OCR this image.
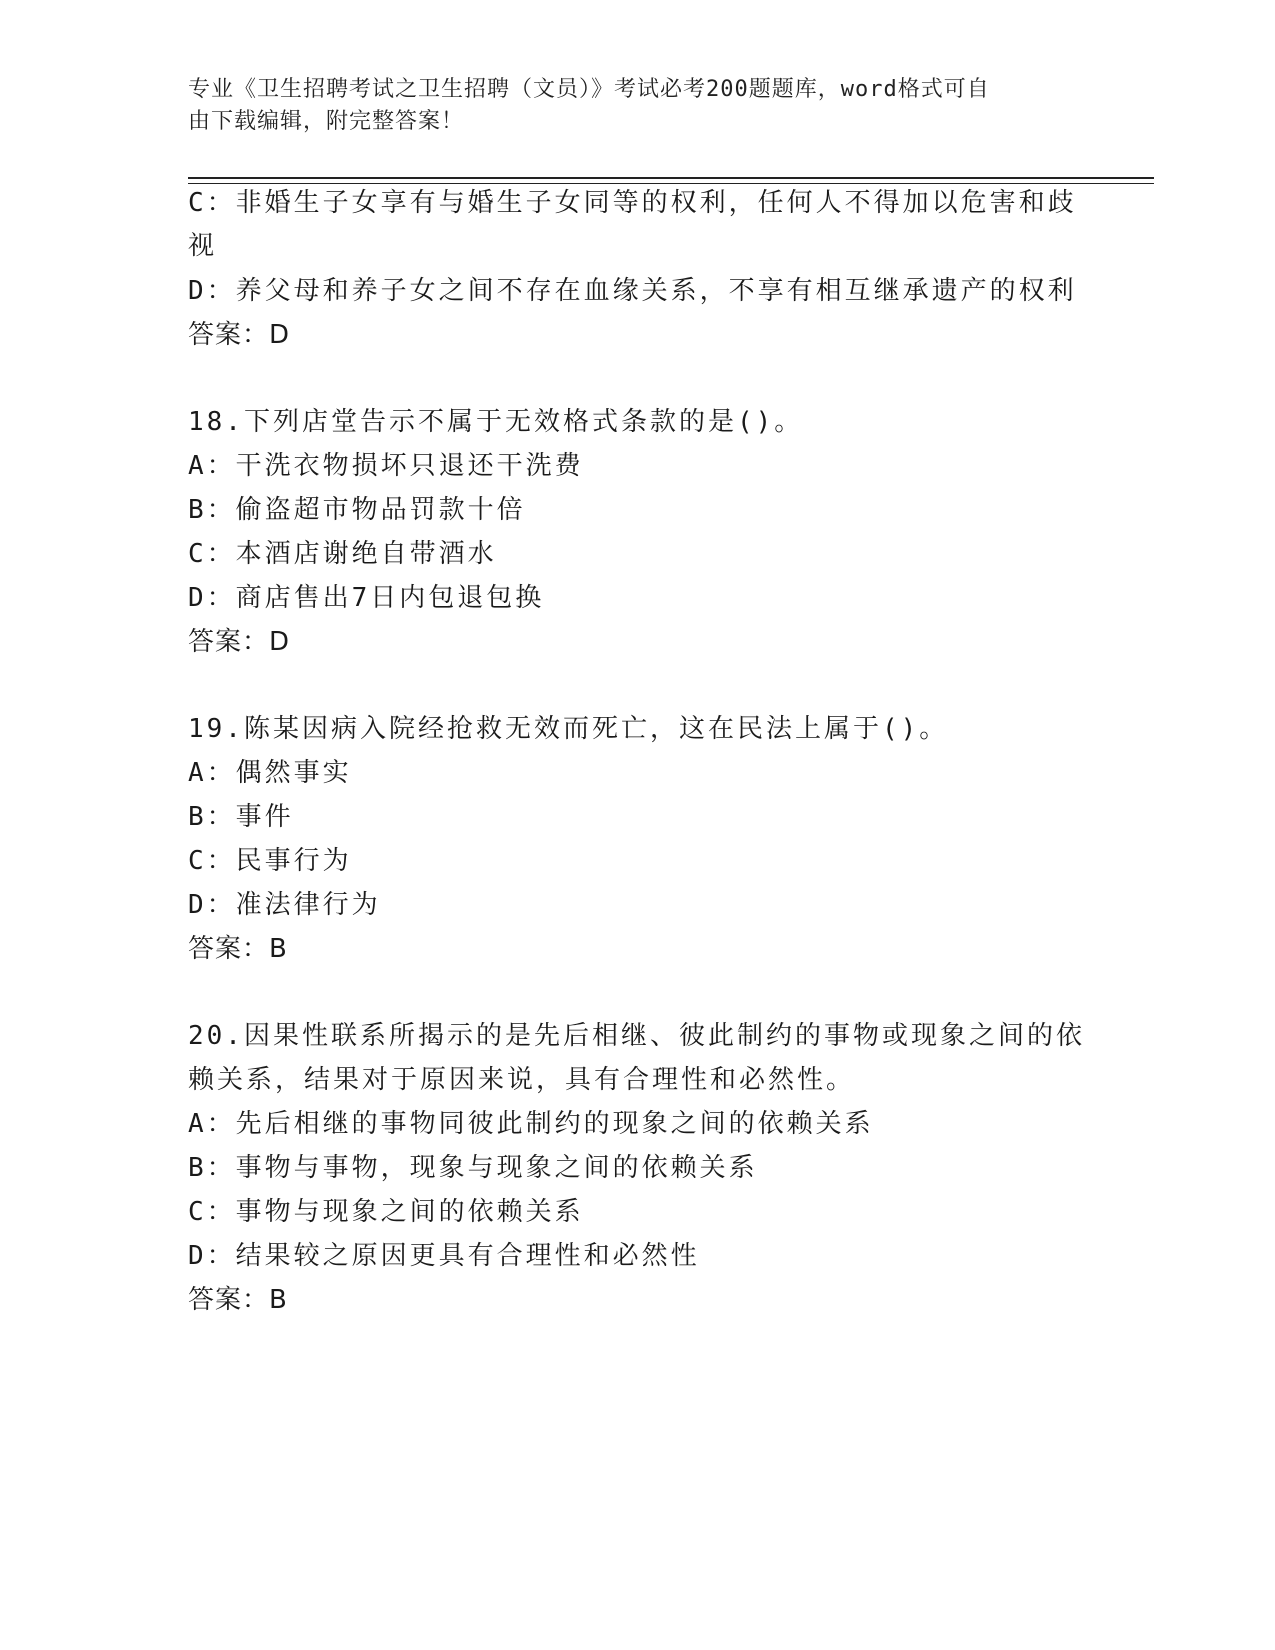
专业《卫生招聘考试之卫生招聘（文员）》考试必考200题题库，word格式可自
由下载编辑，附完整答案！
C：非婚生子女享有与婚生子女同等的权利，任何人不得加以危害和歧
视
D：养父母和养子女之间不存在血缘关系，不享有相互继承遗产的权利
答案：D
18.下列店堂告示不属于无效格式条款的是()。
A：干洗衣物损坏只退还干洗费
B：偷盗超市物品罚款十倍
C：本酒店谢绝自带酒水
D：商店售出7日内包退包换
答案：D
19.陈某因病入院经抢救无效而死亡，这在民法上属于()。
A：偶然事实
B：事件
C：民事行为
D：准法律行为
答案：B
20.因果性联系所揭示的是先后相继、彼此制约的事物或现象之间的依
赖关系，结果对于原因来说，具有合理性和必然性。
A：先后相继的事物同彼此制约的现象之间的依赖关系
B：事物与事物，现象与现象之间的依赖关系
C：事物与现象之间的依赖关系
D：结果较之原因更具有合理性和必然性
答案：B
